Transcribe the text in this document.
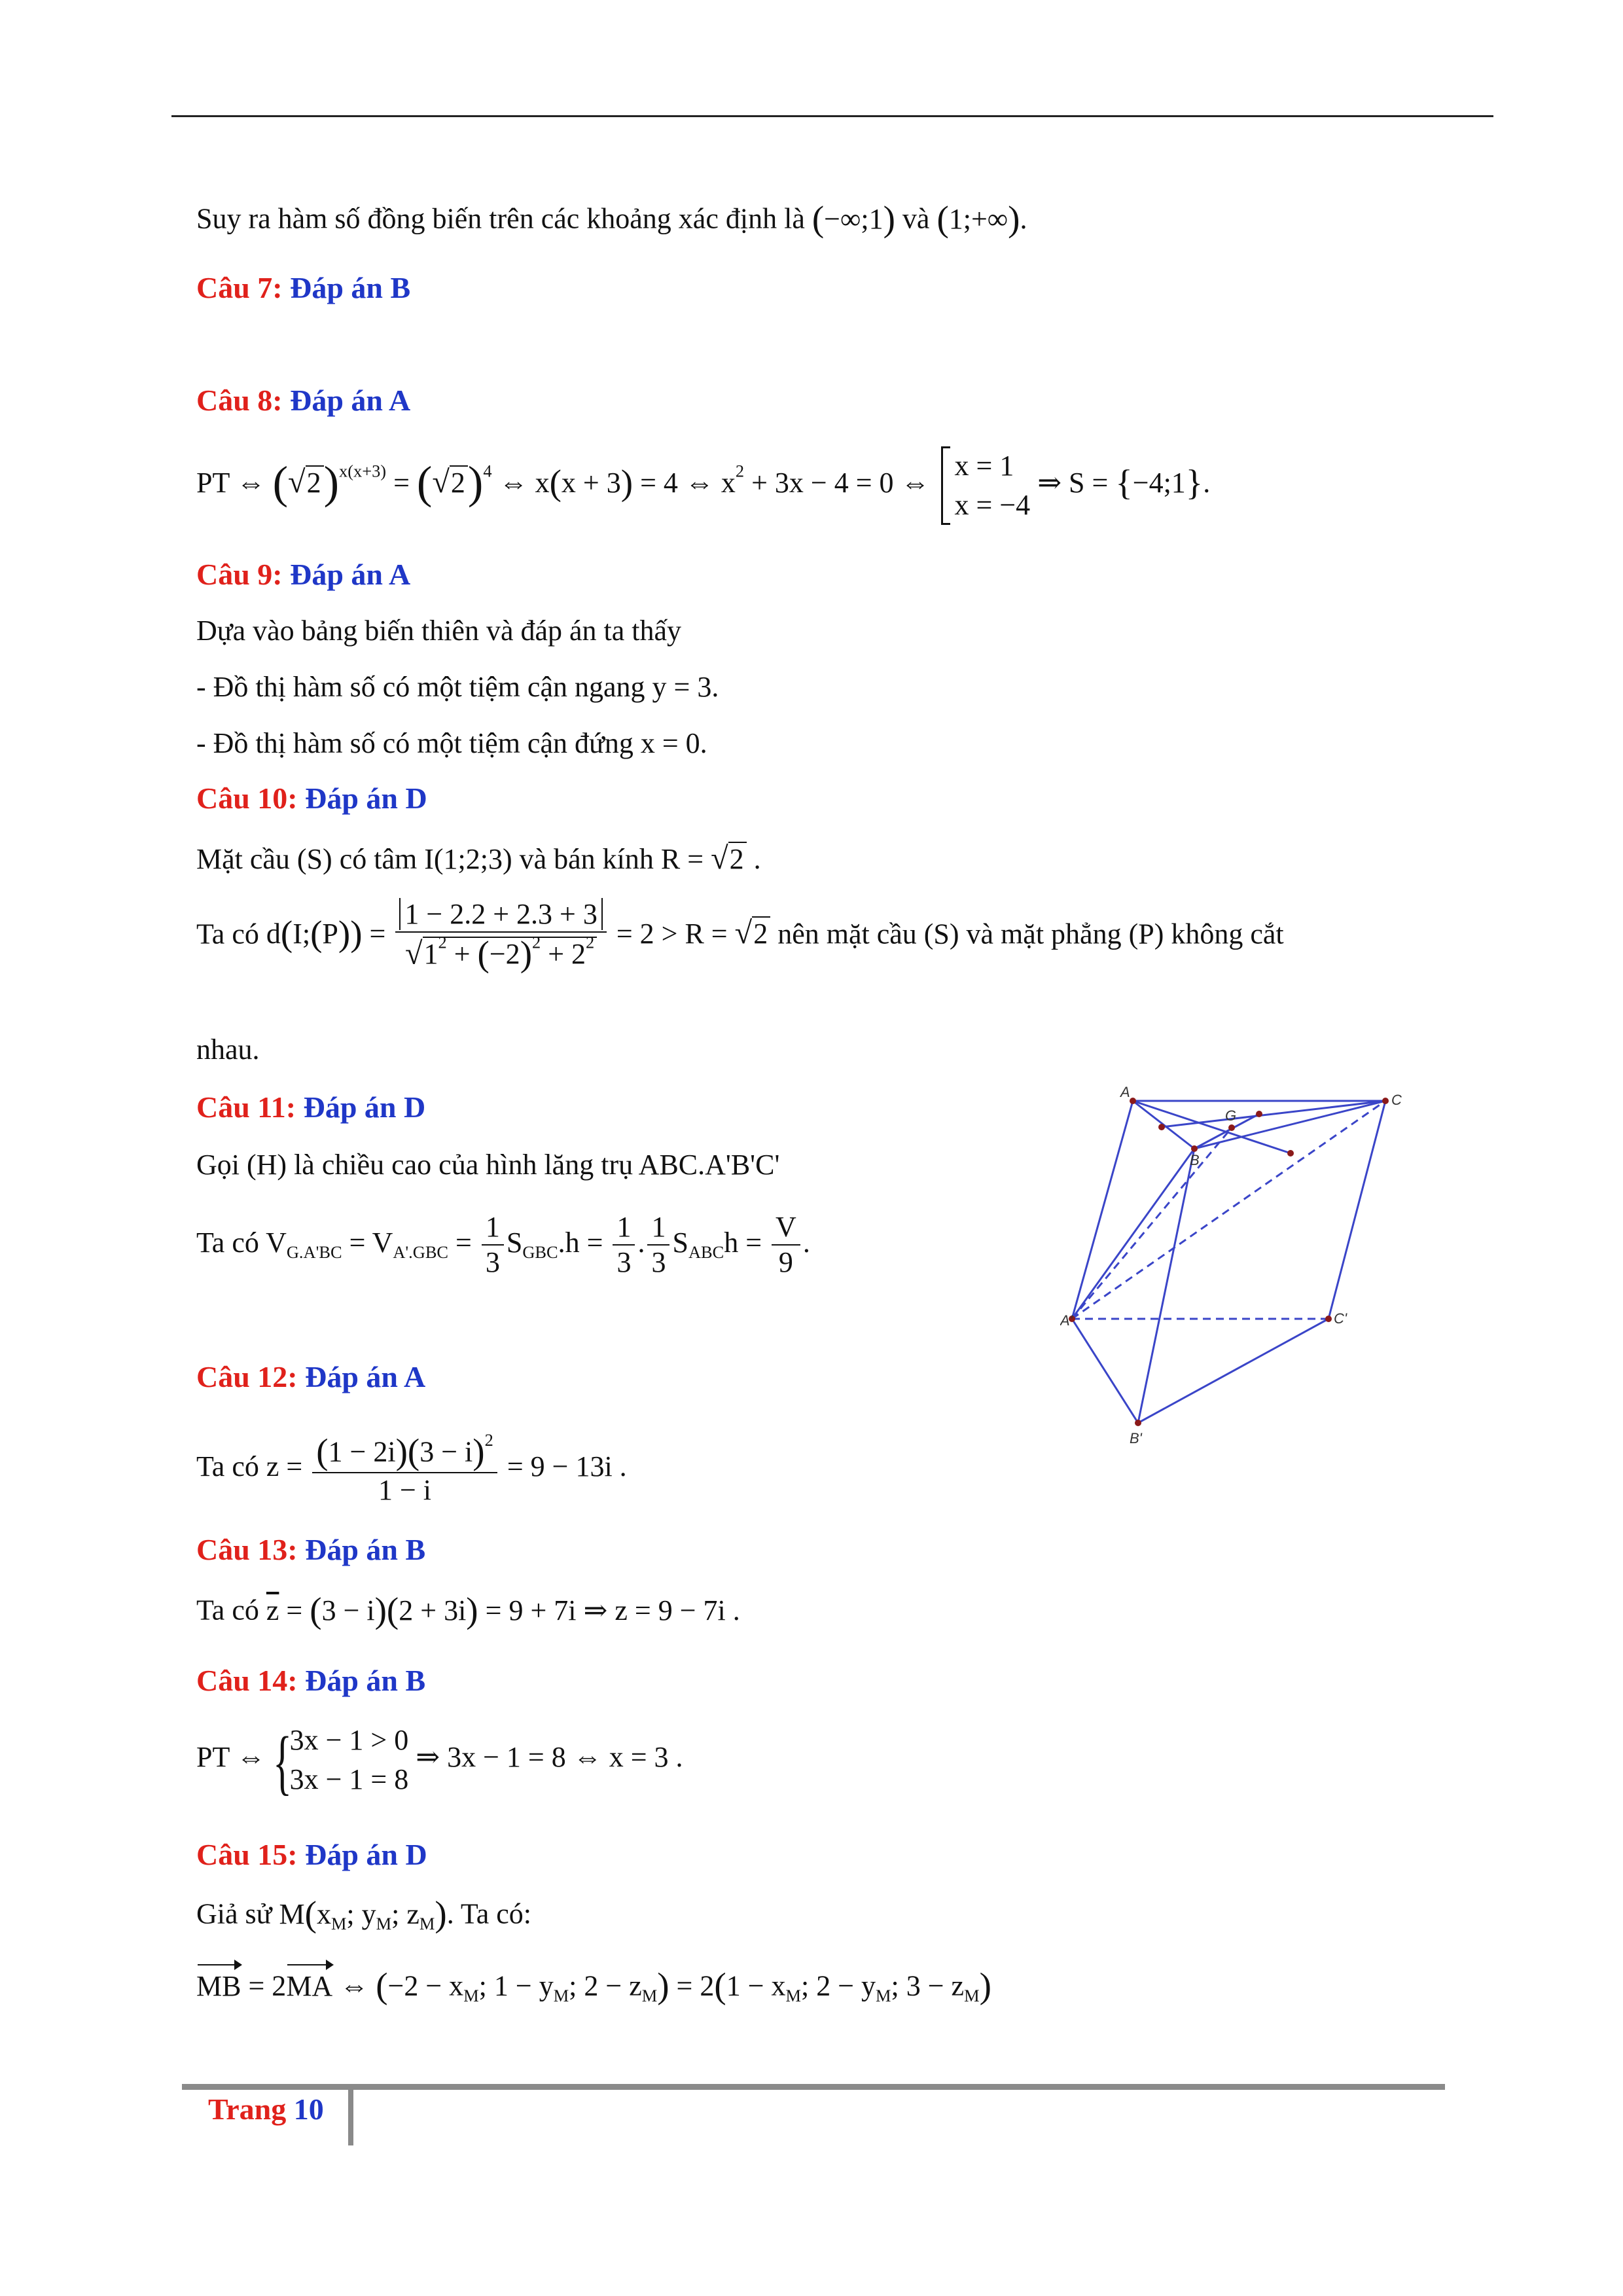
Suy ra hàm số đồng biến trên các khoảng xác định là (−∞;1) và (1;+∞).
Câu 7: Đáp án B
Câu 8: Đáp án A
PT ⇔ $(√2)^{x(x+3)} = (√2)^4$ ⇔ x(x + 3) = 4 ⇔ $x^2 + 3x - 4 = 0$ ⇔
x = 1
x = −4
⇒ S = {−4;1}.
Câu 9: Đáp án A
Dựa vào bảng biến thiên và đáp án ta thấy
- Đồ thị hàm số có một tiệm cận ngang y = 3.
- Đồ thị hàm số có một tiệm cận đứng x = 0.
Câu 10: Đáp án D
Mặt cầu (S) có tâm I(1;2;3) và bán kính R = √2 .
Ta có d(I;(P)) = $\frac{1 - 2.2 + 2.3 + 3}{√1^2 + (-2)^2 + 2^2} = 2 > R = √2$ nên mặt cầu (S) và mặt phẳng (P) không cắt
nhau.
Câu 11: Đáp án D
Gọi (H) là chiều cao của hình lăng trụ ABC.A'B'C'
Ta có $V_{G.A'BC} = V_{A'.GBC} = \frac{1}{3} S_{GBC}.h = \frac{1}{3}$ . $\frac{1}{3} S_{ABC}h = \frac{V}{9}$ .
A	C
G
B
A'	C'
B'
Câu 12: Đáp án A
Ta có $z = \frac{(1 - 2i)(3 - i)^2}{1 - i} = 9 - 13i$ .
Câu 13: Đáp án B
Ta có $\overline{z} = (3 - i)(2 + 3i) = 9 + 7i$ ⇒ z = 9 − 7i .
Câu 14: Đáp án B
PT ⇔
{ 3x − 1 > 0
3x − 1 = 8
⇒ 3x − 1 = 8 ⇔ x = 3 .
Câu 15: Đáp án D
Giả sử $M(x_M$; $y_M$; $z_M$). Ta có:
MB = 2MA ⇔ ($-2 - x_M$; $1 - y_M$; $2 - z_M) = 2(1 - x_M$; $2 - y_M$; $3 - z_M$)
Trang 10
